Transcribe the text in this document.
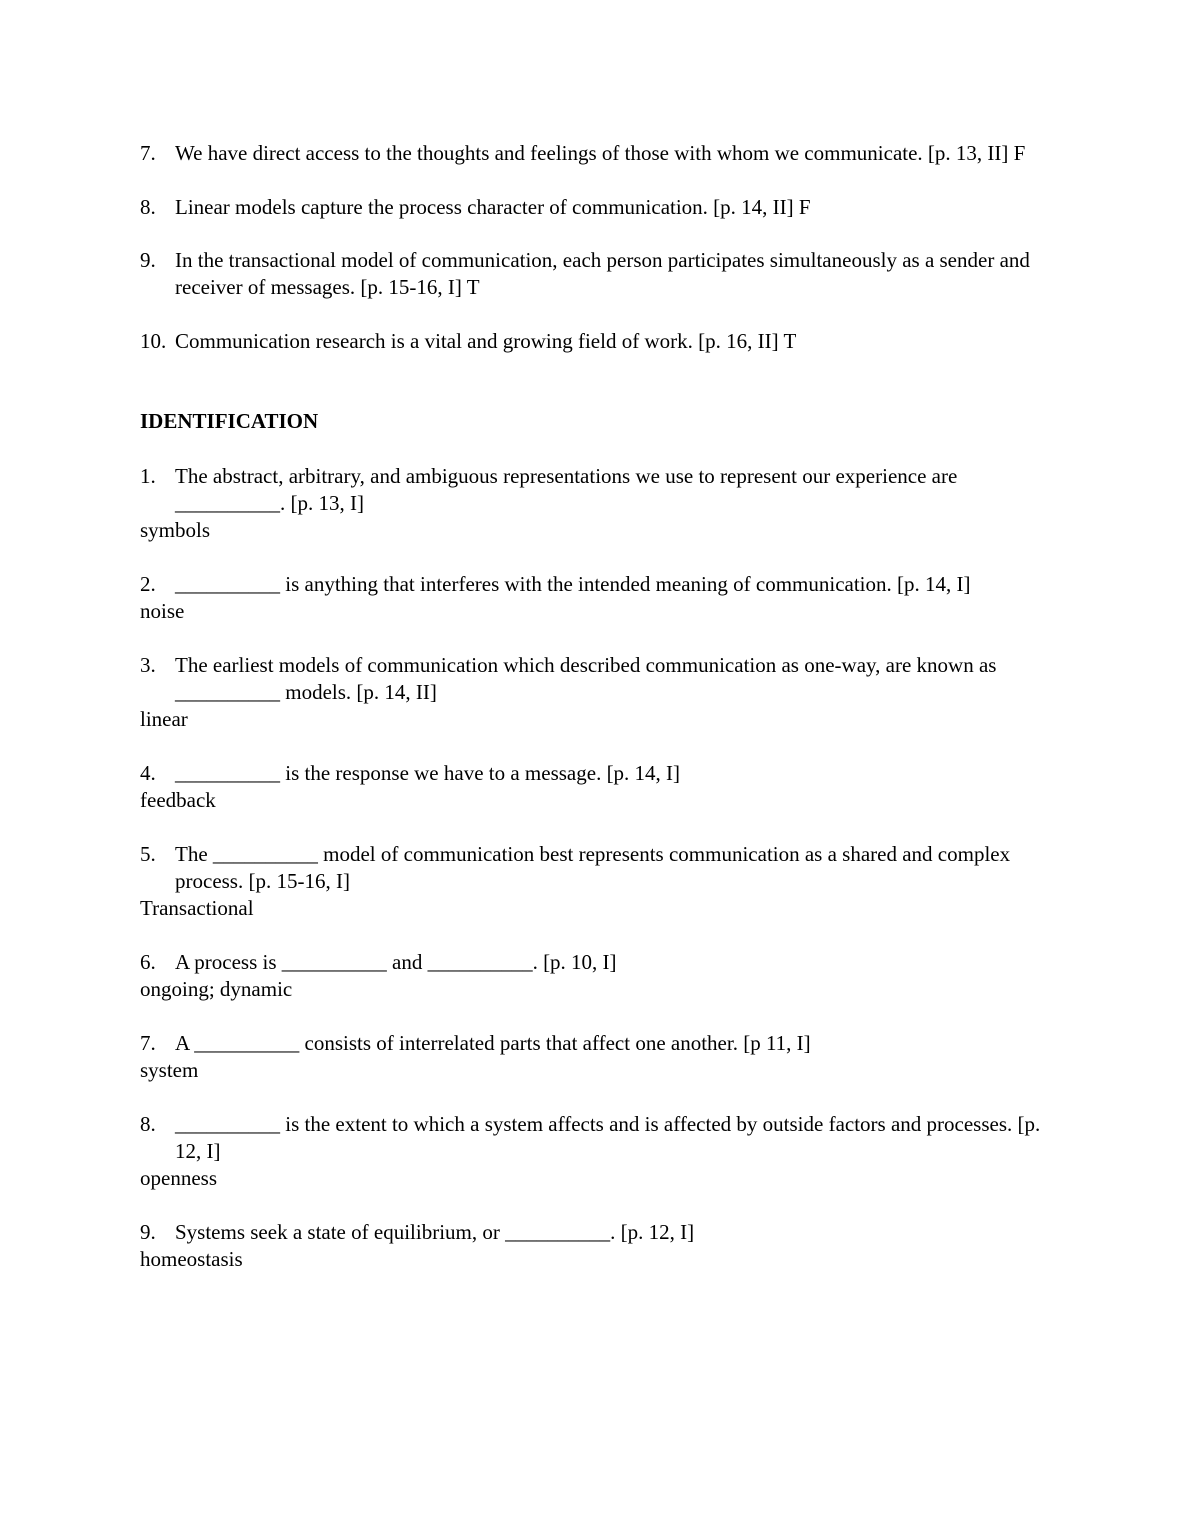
7. We have direct access to the thoughts and feelings of those with whom we communicate. [p. 13, II] F
8. Linear models capture the process character of communication. [p. 14, II] F
9. In the transactional model of communication, each person participates simultaneously as a sender and receiver of messages. [p. 15-16, I] T
10. Communication research is a vital and growing field of work. [p. 16, II] T
IDENTIFICATION
1. The abstract, arbitrary, and ambiguous representations we use to represent our experience are __________. [p. 13, I]
symbols
2. __________ is anything that interferes with the intended meaning of communication. [p. 14, I]
noise
3. The earliest models of communication which described communication as one-way, are known as __________ models. [p. 14, II]
linear
4. __________ is the response we have to a message. [p. 14, I]
feedback
5. The __________ model of communication best represents communication as a shared and complex process. [p. 15-16, I]
Transactional
6. A process is __________ and __________. [p. 10, I]
ongoing; dynamic
7. A __________ consists of interrelated parts that affect one another. [p 11, I]
system
8. __________ is the extent to which a system affects and is affected by outside factors and processes. [p. 12, I]
openness
9. Systems seek a state of equilibrium, or __________. [p. 12, I]
homeostasis
